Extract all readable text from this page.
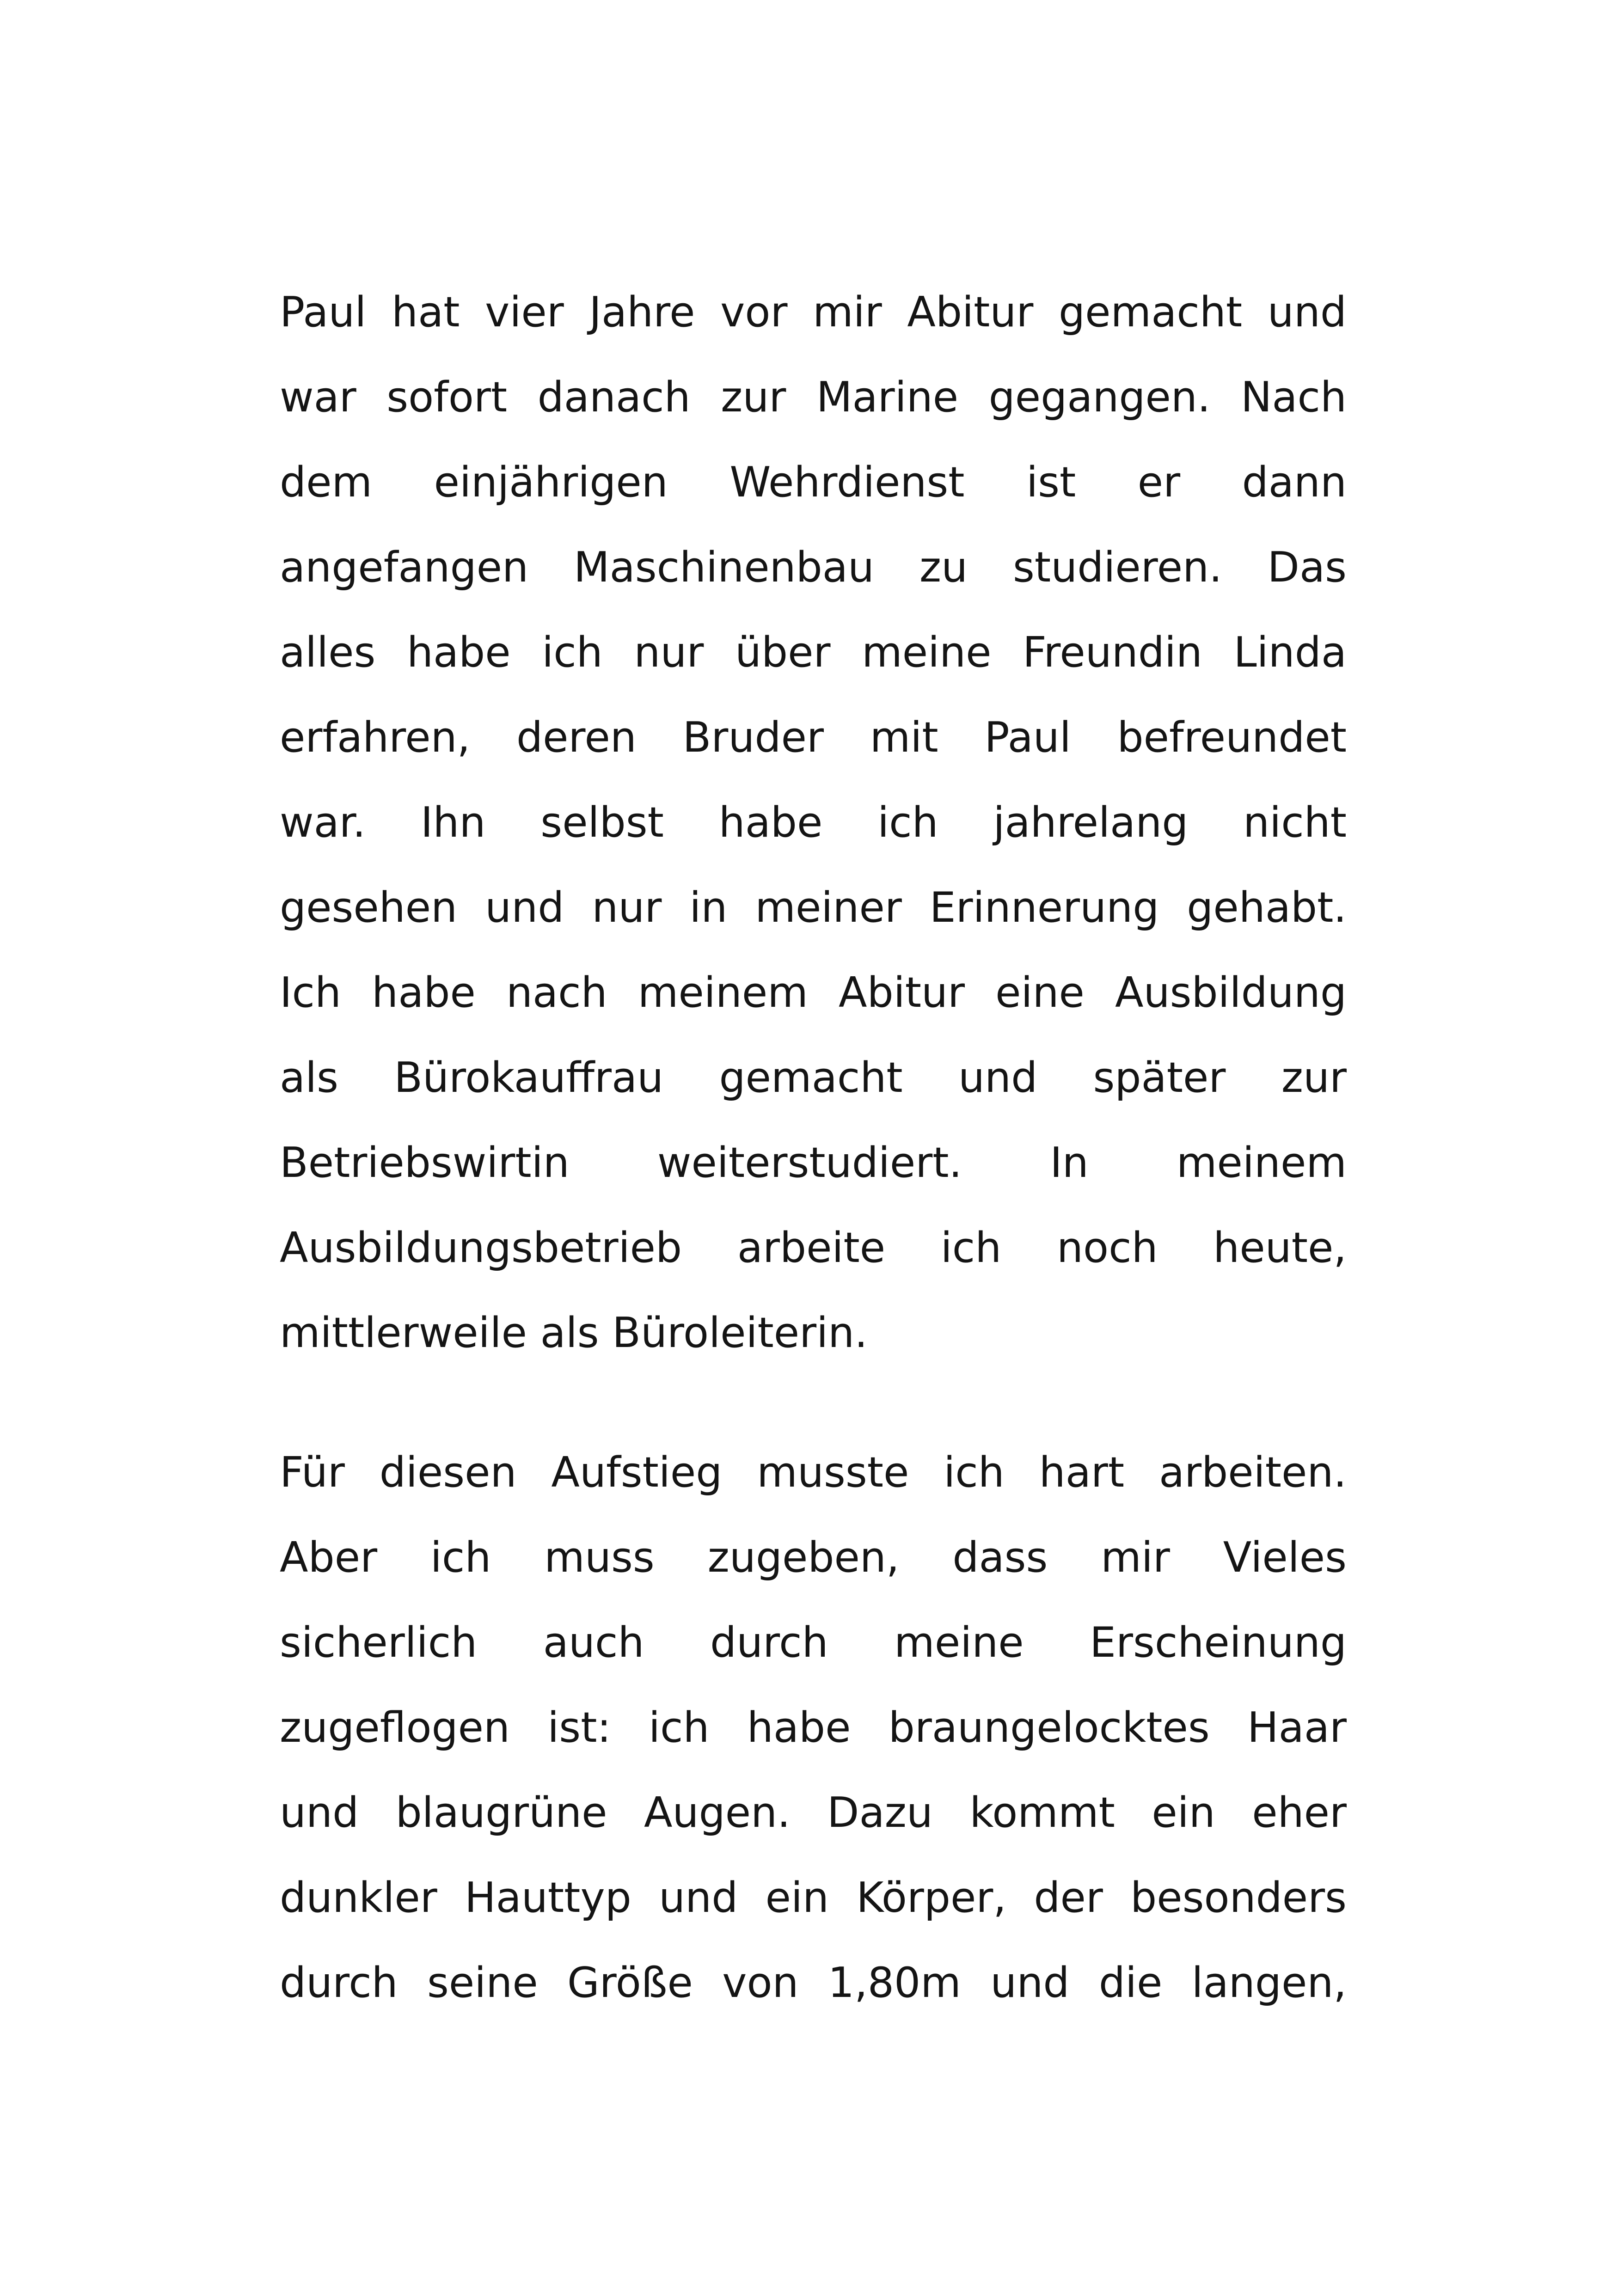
Paul hat vier Jahre vor mir Abitur gemacht und
war sofort danach zur Marine gegangen. Nach
dem einjährigen Wehrdienst ist er dann
angefangen Maschinenbau zu studieren. Das
alles habe ich nur über meine Freundin Linda
erfahren, deren Bruder mit Paul befreundet
war. Ihn selbst habe ich jahrelang nicht
gesehen und nur in meiner Erinnerung gehabt.
Ich habe nach meinem Abitur eine Ausbildung
als Bürokauffrau gemacht und später zur
Betriebswirtin weiterstudiert. In meinem
Ausbildungsbetrieb arbeite ich noch heute,
mittlerweile als Büroleiterin.
Für diesen Aufstieg musste ich hart arbeiten.
Aber ich muss zugeben, dass mir Vieles
sicherlich auch durch meine Erscheinung
zugeflogen ist: ich habe braungelocktes Haar
und blaugrüne Augen. Dazu kommt ein eher
dunkler Hauttyp und ein Körper, der besonders
durch seine Größe von 1,80m und die langen,
